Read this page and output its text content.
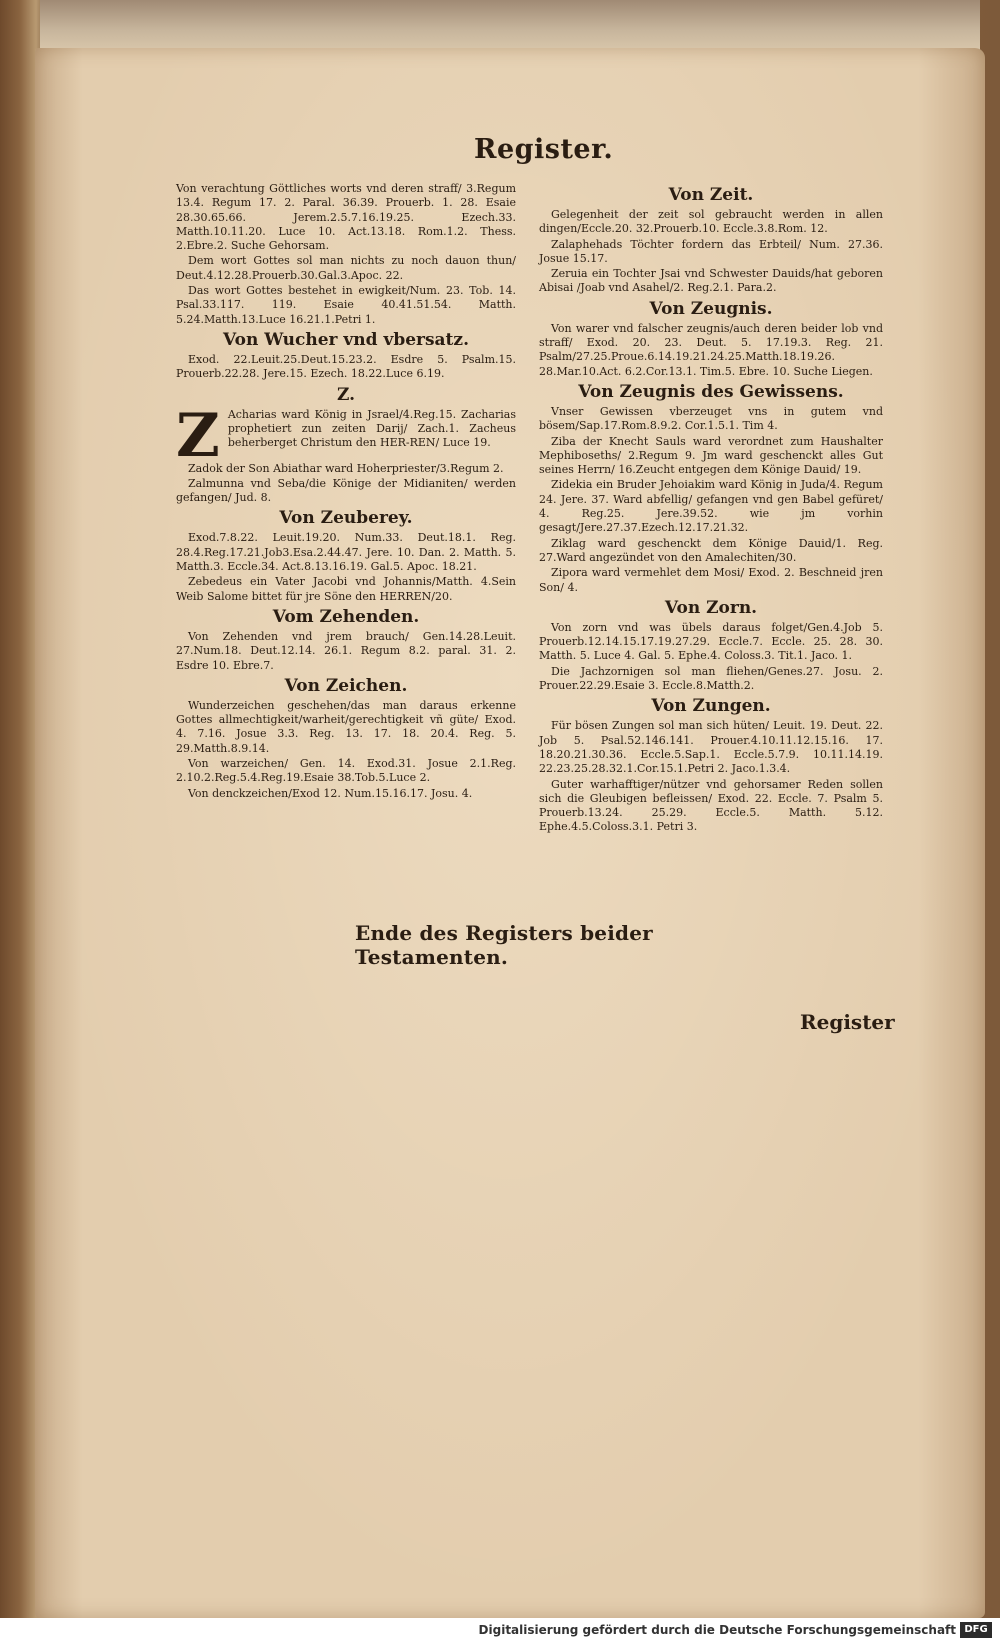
Register.
Von verachtung Göttliches worts vnd deren straff/ 3.Regum 13.4. Regum 17. 2. Paral. 36.39. Prouerb. 1. 28. Esaie 28.30.65.66. Jerem.2.5.7.16.19.25. Ezech.33. Matth.10.11.20. Luce 10. Act.13.18. Rom.1.2. Thess. 2.Ebre.2. Suche Gehorsam.
Dem wort Gottes sol man nichts zu noch dauon thun/ Deut.4.12.28.Prouerb.30.Gal.3.Apoc. 22.
Das wort Gottes bestehet in ewigkeit/Num. 23. Tob. 14. Psal.33.117. 119. Esaie 40.41.51.54. Matth. 5.24.Matth.13.Luce 16.21.1.Petri 1.
Von Wucher vnd vbersatz.
Exod. 22.Leuit.25.Deut.15.23.2. Esdre 5. Psalm.15. Prouerb.22.28. Jere.15. Ezech. 18.22.Luce 6.19.
Z.
Z Acharias ward König in Jsrael/4.Reg.15. Zacharias prophetiert zun zeiten Darij/ Zach.1. Zacheus beherberget Christum den HER-REN/ Luce 19.
Zadok der Son Abiathar ward Hoherpriester/3.Regum 2.
Zalmunna vnd Seba/die Könige der Midianiten/ werden gefangen/ Jud. 8.
Von Zeuberey.
Exod.7.8.22. Leuit.19.20. Num.33. Deut.18.1. Reg. 28.4.Reg.17.21.Job3.Esa.2.44.47. Jere. 10. Dan. 2. Matth. 5. Matth.3. Eccle.34. Act.8.13.16.19. Gal.5. Apoc. 18.21.
Zebedeus ein Vater Jacobi vnd Johannis/Matth. 4.Sein Weib Salome bittet für jre Söne den HERREN/20.
Vom Zehenden.
Von Zehenden vnd jrem brauch/ Gen.14.28.Leuit. 27.Num.18. Deut.12.14. 26.1. Regum 8.2. paral. 31. 2. Esdre 10. Ebre.7.
Von Zeichen.
Wunderzeichen geschehen/das man daraus erkenne Gottes allmechtigkeit/warheit/gerechtigkeit vñ güte/ Exod. 4. 7.16. Josue 3.3. Reg. 13. 17. 18. 20.4. Reg. 5. 29.Matth.8.9.14.
Von warzeichen/ Gen. 14. Exod.31. Josue 2.1.Reg. 2.10.2.Reg.5.4.Reg.19.Esaie 38.Tob.5.Luce 2.
Von denckzeichen/Exod 12. Num.15.16.17. Josu. 4.
Von Zeit.
Gelegenheit der zeit sol gebraucht werden in allen dingen/Eccle.20. 32.Prouerb.10. Eccle.3.8.Rom. 12.
Zalaphehads Töchter fordern das Erbteil/ Num. 27.36. Josue 15.17.
Zeruia ein Tochter Jsai vnd Schwester Dauids/hat geboren Abisai /Joab vnd Asahel/2. Reg.2.1. Para.2.
Von Zeugnis.
Von warer vnd falscher zeugnis/auch deren beider lob vnd straff/ Exod. 20. 23. Deut. 5. 17.19.3. Reg. 21. Psalm/27.25.Proue.6.14.19.21.24.25.Matth.18.19.26. 28.Mar.10.Act. 6.2.Cor.13.1. Tim.5. Ebre. 10. Suche Liegen.
Von Zeugnis des Gewissens.
Vnser Gewissen vberzeuget vns in gutem vnd bösem/Sap.17.Rom.8.9.2. Cor.1.5.1. Tim 4.
Ziba der Knecht Sauls ward verordnet zum Haushalter Mephiboseths/ 2.Regum 9. Jm ward geschenckt alles Gut seines Herrn/ 16.Zeucht entgegen dem Könige Dauid/ 19.
Zidekia ein Bruder Jehoiakim ward König in Juda/4. Regum 24. Jere. 37. Ward abfellig/ gefangen vnd gen Babel gefüret/ 4. Reg.25. Jere.39.52. wie jm vorhin gesagt/Jere.27.37.Ezech.12.17.21.32.
Ziklag ward geschenckt dem Könige Dauid/1. Reg. 27.Ward angezündet von den Amalechiten/30.
Zipora ward vermehlet dem Mosi/ Exod. 2. Beschneid jren Son/ 4.
Von Zorn.
Von zorn vnd was übels daraus folget/Gen.4.Job 5. Prouerb.12.14.15.17.19.27.29. Eccle.7. Eccle. 25. 28. 30. Matth. 5. Luce 4. Gal. 5. Ephe.4. Coloss.3. Tit.1. Jaco. 1.
Die Jachzornigen sol man fliehen/Genes.27. Josu. 2. Prouer.22.29.Esaie 3. Eccle.8.Matth.2.
Von Zungen.
Für bösen Zungen sol man sich hüten/ Leuit. 19. Deut. 22. Job 5. Psal.52.146.141. Prouer.4.10.11.12.15.16. 17. 18.20.21.30.36. Eccle.5.Sap.1. Eccle.5.7.9. 10.11.14.19. 22.23.25.28.32.1.Cor.15.1.Petri 2. Jaco.1.3.4.
Guter warhafftiger/nützer vnd gehorsamer Reden sollen sich die Gleubigen befleissen/ Exod. 22. Eccle. 7. Psalm 5. Prouerb.13.24. 25.29. Eccle.5. Matth. 5.12. Ephe.4.5.Coloss.3.1. Petri 3.
Ende des Registers beider Testamenten.
Register
Digitalisierung gefördert durch die Deutsche Forschungsgemeinschaft DFG
